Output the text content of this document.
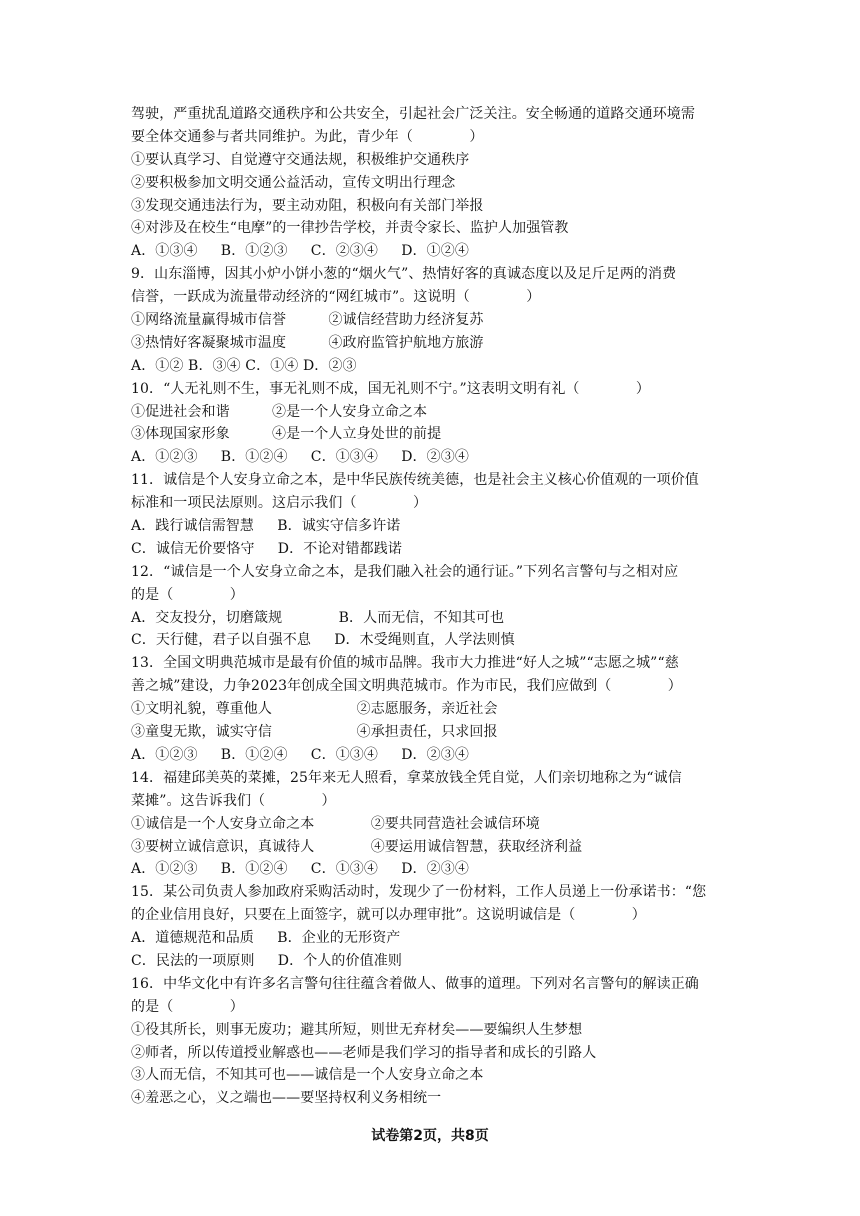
驾驶，严重扰乱道路交通秩序和公共安全，引起社会广泛关注。安全畅通的道路交通环境需
要全体交通参与者共同维护。为此，青少年（　　　　）
①要认真学习、自觉遵守交通法规，积极维护交通秩序
②要积极参加文明交通公益活动，宣传文明出行理念
③发现交通违法行为，要主动劝阻，积极向有关部门举报
④对涉及在校生“电摩”的一律抄告学校，并责令家长、监护人加强管教
A．①③④　  B．①②③　  C．②③④　  D．①②④
9．山东淄博，因其小炉小饼小葱的“烟火气”、热情好客的真诚态度以及足斤足两的消费
信誉，一跃成为流量带动经济的“网红城市”。这说明（　　　　）
①网络流量赢得城市信誉　　　②诚信经营助力经济复苏
③热情好客凝聚城市温度　　　④政府监管护航地方旅游
A．①② B．③④ C．①④ D．②③
10．“人无礼则不生，事无礼则不成，国无礼则不宁。”这表明文明有礼（　　　　）
①促进社会和谐　　　②是一个人安身立命之本
③体现国家形象　　　④是一个人立身处世的前提
A．①②③　  B．①②④　  C．①③④　  D．②③④
11．诚信是个人安身立命之本，是中华民族传统美德，也是社会主义核心价值观的一项价值
标准和一项民法原则。这启示我们（　　　　）
A．践行诚信需智慧　  B．诚实守信多许诺
C．诚信无价要恪守　  D．不论对错都践诺
12．“诚信是一个人安身立命之本，是我们融入社会的通行证。”下列名言警句与之相对应
的是（　　　　）
A．交友投分，切磨箴规　　　　B．人而无信，不知其可也
C．天行健，君子以自强不息　  D．木受绳则直，人学法则慎
13．全国文明典范城市是最有价值的城市品牌。我市大力推进“好人之城”“志愿之城”“慈
善之城”建设，力争2023年创成全国文明典范城市。作为市民，我们应做到（　　　　）
①文明礼貌，尊重他人　　　　　　②志愿服务，亲近社会
③童叟无欺，诚实守信　　　　　　④承担责任，只求回报
A．①②③　  B．①②④　  C．①③④　  D．②③④
14．福建邱美英的菜摊，25年来无人照看，拿菜放钱全凭自觉，人们亲切地称之为“诚信
菜摊”。这告诉我们（　　　　）
①诚信是一个人安身立命之本　　　　②要共同营造社会诚信环境
③要树立诚信意识，真诚待人　　　　④要运用诚信智慧，获取经济利益
A．①②③　  B．①②④　  C．①③④　  D．②③④
15．某公司负责人参加政府采购活动时，发现少了一份材料，工作人员递上一份承诺书：“您
的企业信用良好，只要在上面签字，就可以办理审批”。这说明诚信是（　　　　）
A．道德规范和品质　  B．企业的无形资产
C．民法的一项原则　  D．个人的价值准则
16．中华文化中有许多名言警句往往蕴含着做人、做事的道理。下列对名言警句的解读正确
的是（　　　　）
①役其所长，则事无废功；避其所短，则世无弃材矣——要编织人生梦想
②师者，所以传道授业解惑也——老师是我们学习的指导者和成长的引路人
③人而无信，不知其可也——诚信是一个人安身立命之本
④羞恶之心，义之端也——要坚持权利义务相统一
试卷第2页，共8页
